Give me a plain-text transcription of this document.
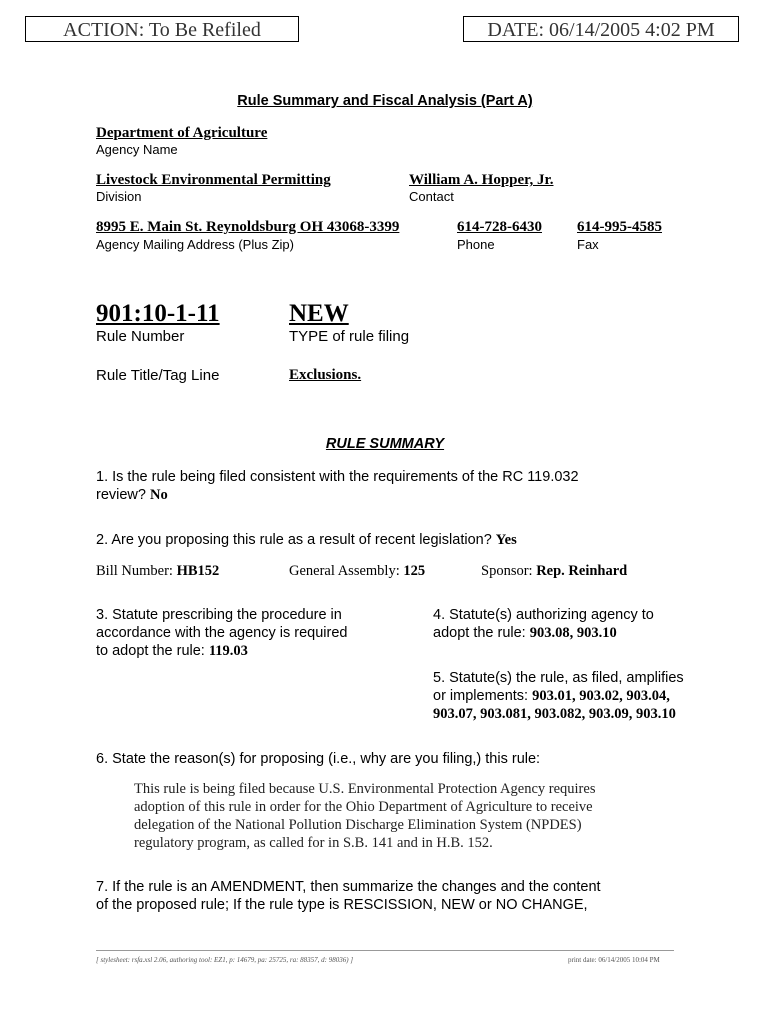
ACTION: To Be Refiled	DATE: 06/14/2005 4:02 PM
Rule Summary and Fiscal Analysis (Part A)
Department of Agriculture
Agency Name
Livestock Environmental Permitting
Division
William A. Hopper, Jr.
Contact
8995 E. Main St. Reynoldsburg OH 43068-3399
Agency Mailing Address (Plus Zip)
614-728-6430
Phone
614-995-4585
Fax
901:10-1-11
Rule Number
NEW
TYPE of rule filing
Rule Title/Tag Line	Exclusions.
RULE SUMMARY
1. Is the rule being filed consistent with the requirements of the RC 119.032
review? No
2. Are you proposing this rule as a result of recent legislation? Yes
Bill Number: HB152	General Assembly: 125	Sponsor: Rep. Reinhard
3. Statute prescribing the procedure in
accordance with the agency is required
to adopt the rule: 119.03
4. Statute(s) authorizing agency to
adopt the rule: 903.08, 903.10
5. Statute(s) the rule, as filed, amplifies
or implements: 903.01, 903.02, 903.04,
903.07, 903.081, 903.082, 903.09, 903.10
6. State the reason(s) for proposing (i.e., why are you filing,) this rule:
This rule is being filed because U.S. Environmental Protection Agency requires
adoption of this rule in order for the Ohio Department of Agriculture to receive
delegation of the National Pollution Discharge Elimination System (NPDES)
regulatory program, as called for in S.B. 141 and in H.B. 152.
7. If the rule is an AMENDMENT, then summarize the changes and the content
of the proposed rule; If the rule type is RESCISSION, NEW or NO CHANGE,
[ stylesheet: rsfa.xsl 2.06, authoring tool: EZ1, p: 14679, pa: 25725, ra: 88357, d: 98036) ]	print date: 06/14/2005 10:04 PM
